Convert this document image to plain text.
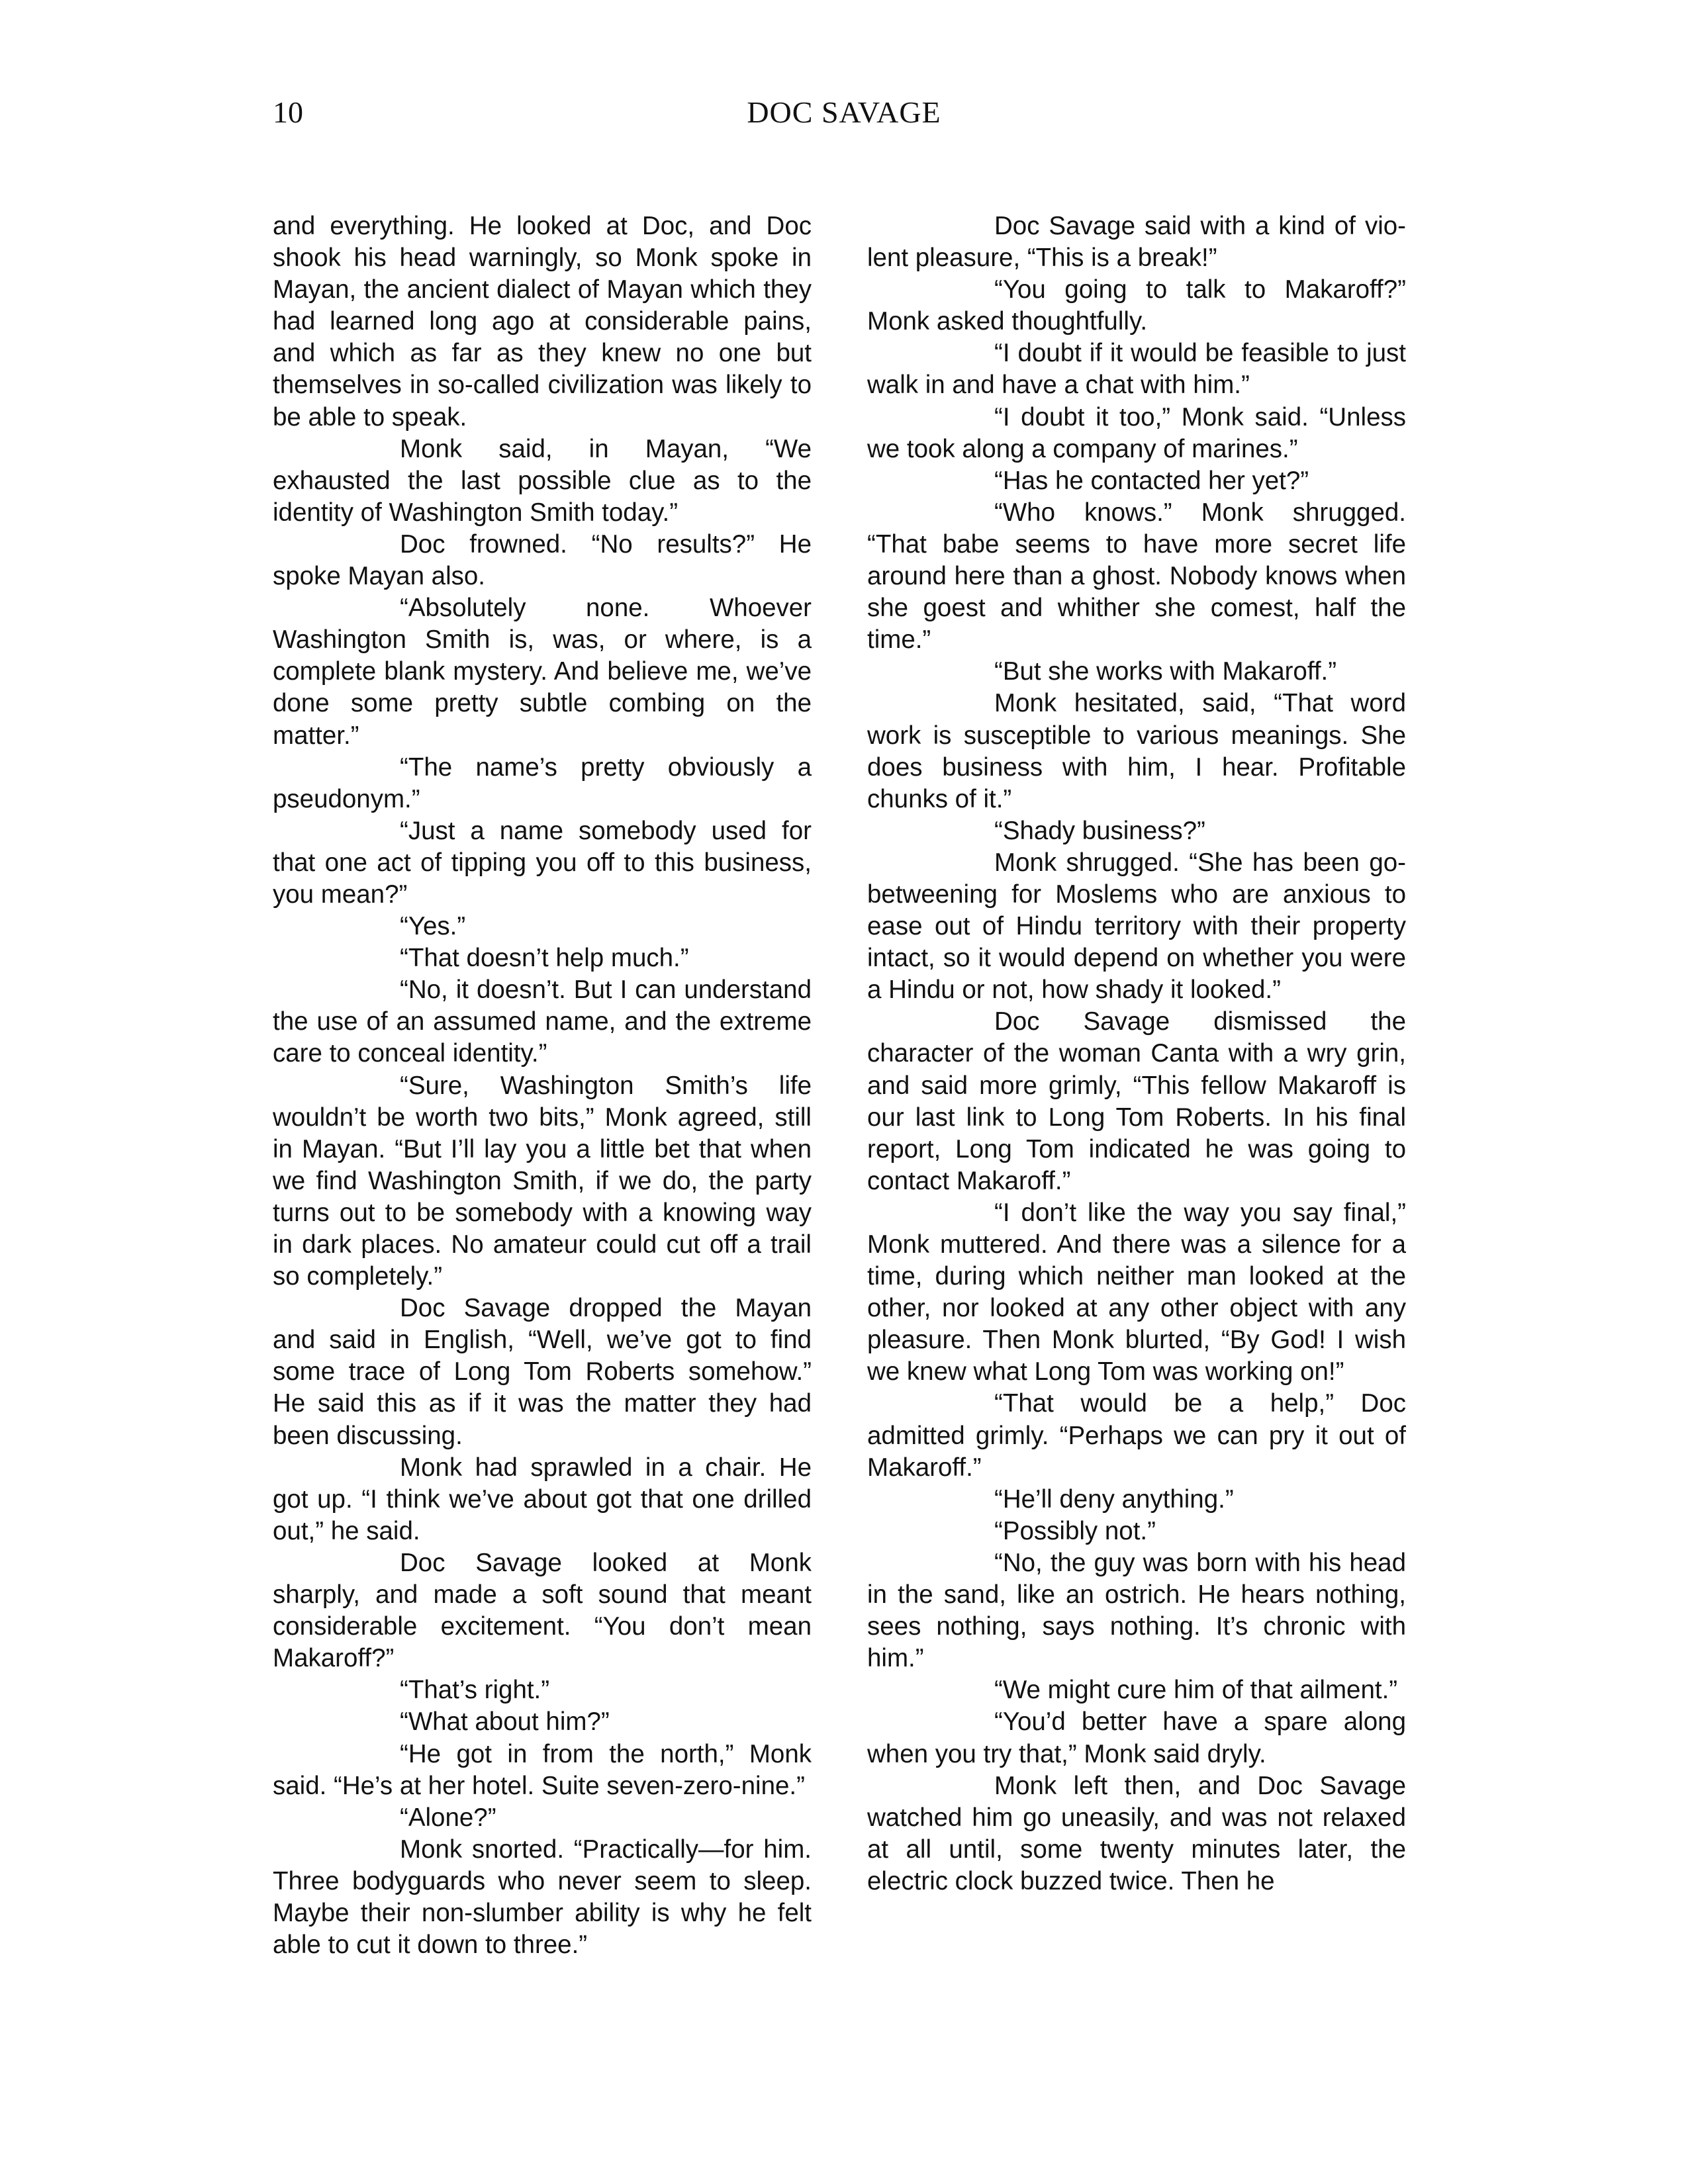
10	DOC SAVAGE

and everything. He looked at Doc, and Doc shook his head warningly, so Monk spoke in Mayan, the ancient dialect of Mayan which they had learned long ago at considerable pains, and which as far as they knew no one but themselves in so-called civilization was likely to be able to speak.

Monk said, in Mayan, “We exhausted the last possible clue as to the identity of Washington Smith today.”

Doc frowned. “No results?” He spoke Mayan also.

“Absolutely none. Whoever Washington Smith is, was, or where, is a complete blank mystery. And believe me, we’ve done some pretty subtle combing on the matter.”

“The name’s pretty obviously a pseudonym.”

“Just a name somebody used for that one act of tipping you off to this business, you mean?”

“Yes.”

“That doesn’t help much.”

“No, it doesn’t. But I can understand the use of an assumed name, and the extreme care to conceal identity.”

“Sure, Washington Smith’s life wouldn’t be worth two bits,” Monk agreed, still in Mayan. “But I’ll lay you a little bet that when we find Washington Smith, if we do, the party turns out to be somebody with a knowing way in dark places. No amateur could cut off a trail so completely.”

Doc Savage dropped the Mayan and said in English, “Well, we’ve got to find some trace of Long Tom Roberts somehow.” He said this as if it was the matter they had been discussing.

Monk had sprawled in a chair. He got up. “I think we’ve about got that one drilled out,” he said.

Doc Savage looked at Monk sharply, and made a soft sound that meant considerable excitement. “You don’t mean Makaroff?”

“That’s right.”

“What about him?”

“He got in from the north,” Monk said. “He’s at her hotel. Suite seven-zero-nine.”

“Alone?”

Monk snorted. “Practically—for him. Three bodyguards who never seem to sleep. Maybe their non-slumber ability is why he felt able to cut it down to three.”

Doc Savage said with a kind of violent pleasure, “This is a break!”

“You going to talk to Makaroff?” Monk asked thoughtfully.

“I doubt if it would be feasible to just walk in and have a chat with him.”

“I doubt it too,” Monk said. “Unless we took along a company of marines.”

“Has he contacted her yet?”

“Who knows.” Monk shrugged. “That babe seems to have more secret life around here than a ghost. Nobody knows when she goest and whither she comest, half the time.”

“But she works with Makaroff.”

Monk hesitated, said, “That word work is susceptible to various meanings. She does business with him, I hear. Profitable chunks of it.”

“Shady business?”

Monk shrugged. “She has been go-betweening for Moslems who are anxious to ease out of Hindu territory with their property intact, so it would depend on whether you were a Hindu or not, how shady it looked.”

Doc Savage dismissed the character of the woman Canta with a wry grin, and said more grimly, “This fellow Makaroff is our last link to Long Tom Roberts. In his final report, Long Tom indicated he was going to contact Makaroff.”

“I don’t like the way you say final,” Monk muttered. And there was a silence for a time, during which neither man looked at the other, nor looked at any other object with any pleasure. Then Monk blurted, “By God! I wish we knew what Long Tom was working on!”

“That would be a help,” Doc admitted grimly. “Perhaps we can pry it out of Makaroff.”

“He’ll deny anything.”

“Possibly not.”

“No, the guy was born with his head in the sand, like an ostrich. He hears nothing, sees nothing, says nothing. It’s chronic with him.”

“We might cure him of that ailment.”

“You’d better have a spare along when you try that,” Monk said dryly.

Monk left then, and Doc Savage watched him go uneasily, and was not relaxed at all until, some twenty minutes later, the electric clock buzzed twice. Then he
